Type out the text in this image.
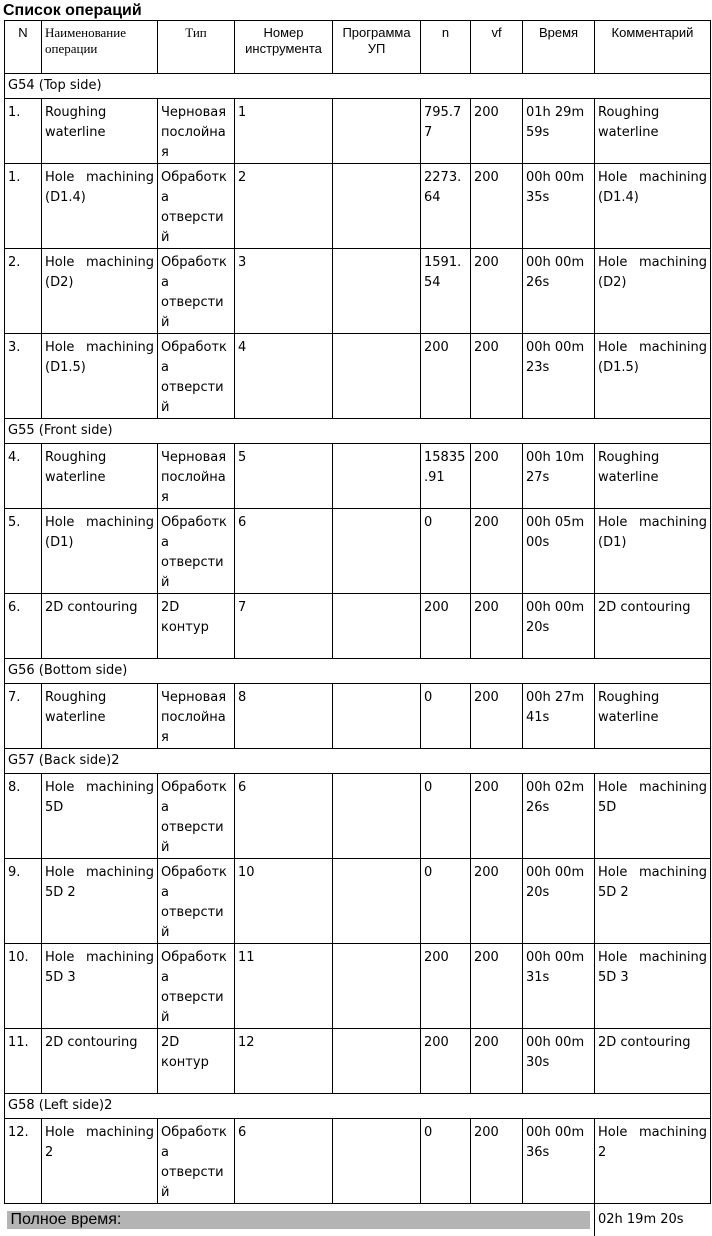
Список операций
N	Наименование операции	Тип	Номер инструмента	Программа УП	n	vf	Время	Комментарий
G54 (Top side)								
1.	Roughing waterline	Черновая послойная	1		795.77	200	01h 29m 59s	Roughing waterline
1.	Hole machining (D1.4)	Обработка отверстий	2		2273.64	200	00h 00m 35s	Hole machining (D1.4)
2.	Hole machining (D2)	Обработка отверстий	3		1591.54	200	00h 00m 26s	Hole machining (D2)
3.	Hole machining (D1.5)	Обработка отверстий	4		200	200	00h 00m 23s	Hole machining (D1.5)
G55 (Front side)								
4.	Roughing waterline	Черновая послойная	5		15835.91	200	00h 10m 27s	Roughing waterline
5.	Hole machining (D1)	Обработка отверстий	6		0	200	00h 05m 00s	Hole machining (D1)
6.	2D contouring	2D контур	7		200	200	00h 00m 20s	2D contouring
G56 (Bottom side)								
7.	Roughing waterline	Черновая послойная	8		0	200	00h 27m 41s	Roughing waterline
G57 (Back side)2								
8.	Hole machining 5D	Обработка отверстий	6		0	200	00h 02m 26s	Hole machining 5D
9.	Hole machining 5D 2	Обработка отверстий	10		0	200	00h 00m 20s	Hole machining 5D 2
10.	Hole machining 5D 3	Обработка отверстий	11		200	200	00h 00m 31s	Hole machining 5D 3
11.	2D contouring	2D контур	12		200	200	00h 00m 30s	2D contouring
G58 (Left side)2								
12.	Hole machining 2	Обработка отверстий	6		0	200	00h 00m 36s	Hole machining 2

Полное время:								02h 19m 20s
